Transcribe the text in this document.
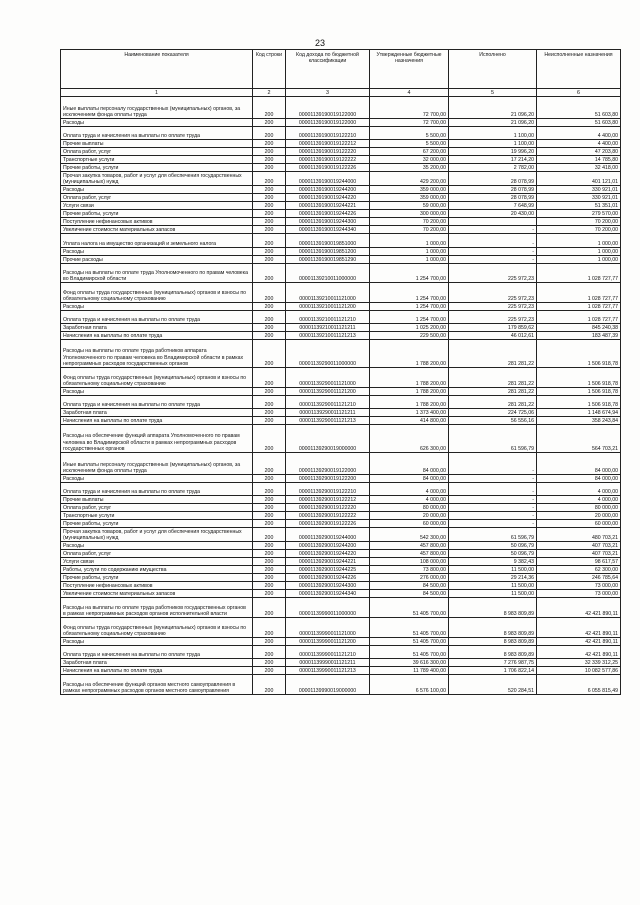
23
Наименование показателя	Код строки	Код дохода по бюджетной классификации	Утвержденные бюджетные назначения	Исполнено	Неисполненные назначения
1	2	3	4	5	6
Иные выплаты персоналу государственных (муниципальных) органов, за исключением фонда оплаты труда	200	00001139190019122000	72 700,00	21 096,20	51 603,80
Расходы	200	00001139190019122000	72 700,00	21 096,20	51 603,80
Оплата труда и начисления на выплаты по оплате труда	200	00001139190019122210	5 500,00	1 100,00	4 400,00
Прочие выплаты	200	00001139190019122212	5 500,00	1 100,00	4 400,00
Оплата работ, услуг	200	00001139190019122220	67 200,00	19 996,20	47 203,80
Транспортные услуги	200	00001139190019122222	32 000,00	17 214,20	14 785,80
Прочие работы, услуги	200	00001139190019122226	35 200,00	2 782,00	32 418,00
Прочая закупка товаров, работ и услуг для обеспечения государственных (муниципальных) нужд	200	00001139190019244000	429 200,00	28 078,99	401 121,01
Расходы	200	00001139190019244200	359 000,00	28 078,99	330 921,01
Оплата работ, услуг	200	00001139190019244220	359 000,00	28 078,99	330 921,01
Услуги связи	200	00001139190019244221	59 000,00	7 648,99	51 351,01
Прочие работы, услуги	200	00001139190019244226	300 000,00	20 430,00	279 570,00
Поступление нефинансовых активов	200	00001139190019244300	70 200,00		70 200,00
Увеличение стоимости материальных запасов	200	00001139190019244340	70 200,00	-	70 200,00
Уплата налога на имущество организаций и земельного налога	200	00001139190019851000	1 000,00	-	1 000,00
Расходы	200	00001139190019851200	1 000,00	-	1 000,00
Прочие расходы	200	00001139190019851290	1 000,00	-	1 000,00
Расходы на выплаты по оплате труда Уполномоченного по правам человека во Владимирской области	200	00001139210011000000	1 254 700,00	225 972,23	1 028 727,77
Фонд оплаты труда государственных (муниципальных) органов и взносы по обязательному социальному страхованию	200	00001139210011121000	1 254 700,00	225 972,23	1 028 727,77
Расходы	200	00001139210011121200	1 254 700,00	225 972,23	1 028 727,77
Оплата труда и начисления на выплаты по оплате труда	200	00001139210011121210	1 254 700,00	225 972,23	1 028 727,77
Заработная плата	200	00001139210011121211	1 025 200,00	179 859,62	845 240,38
Начисления на выплаты по оплате труда	200	00001139210011121213	229 500,00	46 012,61	183 487,39
Расходы на выплаты по оплате труда работников аппарата Уполномоченного по правам человека во Владимирской области в рамках непрограммных расходов государственных органов	200	00001139290011000000	1 788 200,00	281 281,22	1 506 918,78
Фонд оплаты труда государственных (муниципальных) органов и взносы по обязательному социальному страхованию	200	00001139290011121000	1 788 200,00	281 281,22	1 506 918,78
Расходы	200	00001139290011121200	1 788 200,00	281 281,22	1 506 918,78
Оплата труда и начисления на выплаты по оплате труда	200	00001139290011121210	1 788 200,00	281 281,22	1 506 918,78
Заработная плата	200	00001139290011121211	1 373 400,00	224 725,06	1 148 674,94
Начисления на выплаты по оплате труда	200	00001139290011121213	414 800,00	56 556,16	358 243,84
Расходы на обеспечение функций аппарата Уполномоченного по правам человека во Владимирской области в рамках непрограммных расходов государственных органов	200	00001139290019000000	626 300,00	61 596,79	564 703,21
Иные выплаты персоналу государственных (муниципальных) органов, за исключением фонда оплаты труда	200	00001139290019122000	84 000,00	-	84 000,00
Расходы	200	00001139290019122200	84 000,00	-	84 000,00
Оплата труда и начисления на выплаты по оплате труда	200	00001139290019122210	4 000,00	-	4 000,00
Прочие выплаты	200	00001139290019122212	4 000,00	-	4 000,00
Оплата работ, услуг	200	00001139290019122220	80 000,00	-	80 000,00
Транспортные услуги	200	00001139290019122222	20 000,00	-	20 000,00
Прочие работы, услуги	200	00001139290019122226	60 000,00	-	60 000,00
Прочая закупка товаров, работ и услуг для обеспечения государственных (муниципальных) нужд	200	00001139290019244000	542 300,00	61 596,79	480 703,21
Расходы	200	00001139290019244200	457 800,00	50 096,79	407 703,21
Оплата работ, услуг	200	00001139290019244220	457 800,00	50 096,79	407 703,21
Услуги связи	200	00001139290019244221	108 000,00	9 382,43	98 617,57
Работы, услуги по содержанию имущества	200	00001139290019244225	73 800,00	11 500,00	62 300,00
Прочие работы, услуги	200	00001139290019244226	276 000,00	29 214,36	246 785,64
Поступление нефинансовых активов	200	00001139290019244300	84 500,00	11 500,00	73 000,00
Увеличение стоимости материальных запасов	200	00001139290019244340	84 500,00	11 500,00	73 000,00
Расходы на выплаты по оплате труда работников государственных органов в рамках непрограммных расходов органов исполнительной власти	200	00001139990011000000	51 405 700,00	8 983 809,89	42 421 890,11
Фонд оплаты труда государственных (муниципальных) органов и взносы по обязательному социальному страхованию	200	00001139990011121000	51 405 700,00	8 983 809,89	42 421 890,11
Расходы	200	00001139990011121200	51 405 700,00	8 983 809,89	42 421 890,11
Оплата труда и начисления на выплаты по оплате труда	200	00001139990011121210	51 405 700,00	8 983 809,89	42 421 890,11
Заработная плата	200	00001139990011121211	39 616 300,00	7 276 987,75	32 339 312,25
Начисления на выплаты по оплате труда	200	00001139990011121213	11 789 400,00	1 706 822,14	10 082 577,86
Расходы на обеспечение функций органов местного самоуправления в рамках непрограммных расходов органов местного самоуправления	200	00001139990019000000	6 576 100,00	520 284,51	6 055 815,49
